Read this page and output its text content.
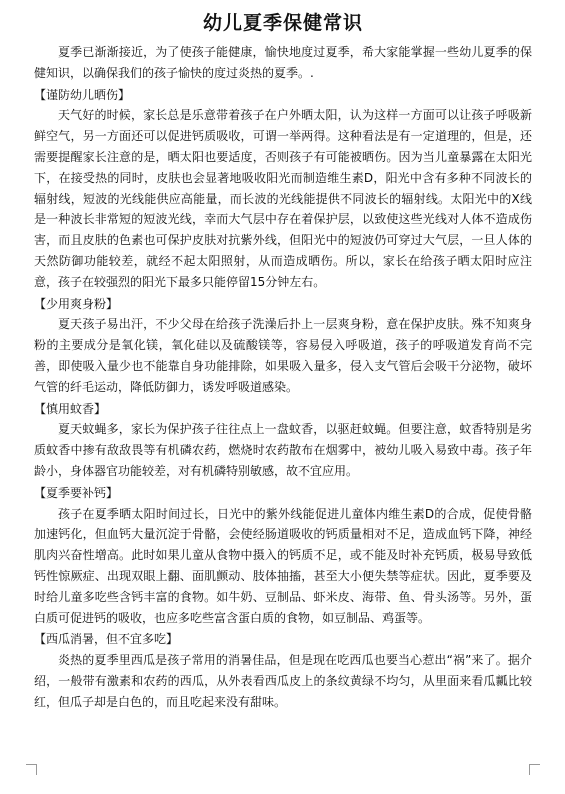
幼儿夏季保健常识

夏季已渐渐接近，为了使孩子能健康，愉快地度过夏季，希大家能掌握一些幼儿夏季的保健知识，以确保我们的孩子愉快的度过炎热的夏季。.

【谨防幼儿晒伤】

天气好的时候，家长总是乐意带着孩子在户外晒太阳，认为这样一方面可以让孩子呼吸新鲜空气，另一方面还可以促进钙质吸收，可谓一举两得。这种看法是有一定道理的，但是，还需要提醒家长注意的是，晒太阳也要适度，否则孩子有可能被晒伤。因为当儿童暴露在太阳光下，在接受热的同时，皮肤也会显著地吸收阳光而制造维生素D，阳光中含有多种不同波长的辐射线，短波的光线能供应高能量，而长波的光线能提供不同波长的辐射线。太阳光中的X线是一种波长非常短的短波光线，幸而大气层中存在着保护层，以致使这些光线对人体不造成伤害，而且皮肤的色素也可保护皮肤对抗紫外线，但阳光中的短波仍可穿过大气层，一旦人体的天然防御功能较差，就经不起太阳照射，从而造成晒伤。所以，家长在给孩子晒太阳时应注意，孩子在较强烈的阳光下最多只能停留15分钟左右。

【少用爽身粉】

夏天孩子易出汗，不少父母在给孩子洗澡后扑上一层爽身粉，意在保护皮肤。殊不知爽身粉的主要成分是氧化镁，氧化硅以及硫酸镁等，容易侵入呼吸道，孩子的呼吸道发育尚不完善，即使吸入量少也不能靠自身功能排除，如果吸入量多，侵入支气管后会吸干分泌物，破坏气管的纤毛运动，降低防御力，诱发呼吸道感染。

【慎用蚊香】

夏天蚊蝇多，家长为保护孩子往往点上一盘蚊香，以驱赶蚊蝇。但要注意，蚊香特别是劣质蚊香中掺有敌敌畏等有机磷农药，燃烧时农药散布在烟雾中，被幼儿吸入易致中毒。孩子年龄小，身体器官功能较差，对有机磷特别敏感，故不宜应用。

【夏季要补钙】

孩子在夏季晒太阳时间过长，日光中的紫外线能促进儿童体内维生素D的合成，促使骨骼加速钙化，但血钙大量沉淀于骨骼，会使经肠道吸收的钙质量相对不足，造成血钙下降，神经肌肉兴奋性增高。此时如果儿童从食物中摄入的钙质不足，或不能及时补充钙质，极易导致低钙性惊厥症、出现双眼上翻、面肌颤动、肢体抽搐，甚至大小便失禁等症状。因此，夏季要及时给儿童多吃些含钙丰富的食物。如牛奶、豆制品、虾米皮、海带、鱼、骨头汤等。另外，蛋白质可促进钙的吸收，也应多吃些富含蛋白质的食物，如豆制品、鸡蛋等。

【西瓜消暑，但不宜多吃】

炎热的夏季里西瓜是孩子常用的消暑佳品，但是现在吃西瓜也要当心惹出“祸”来了。据介绍，一般带有激素和农药的西瓜，从外表看西瓜皮上的条纹黄绿不均匀，从里面来看瓜瓤比较红，但瓜子却是白色的，而且吃起来没有甜味。
